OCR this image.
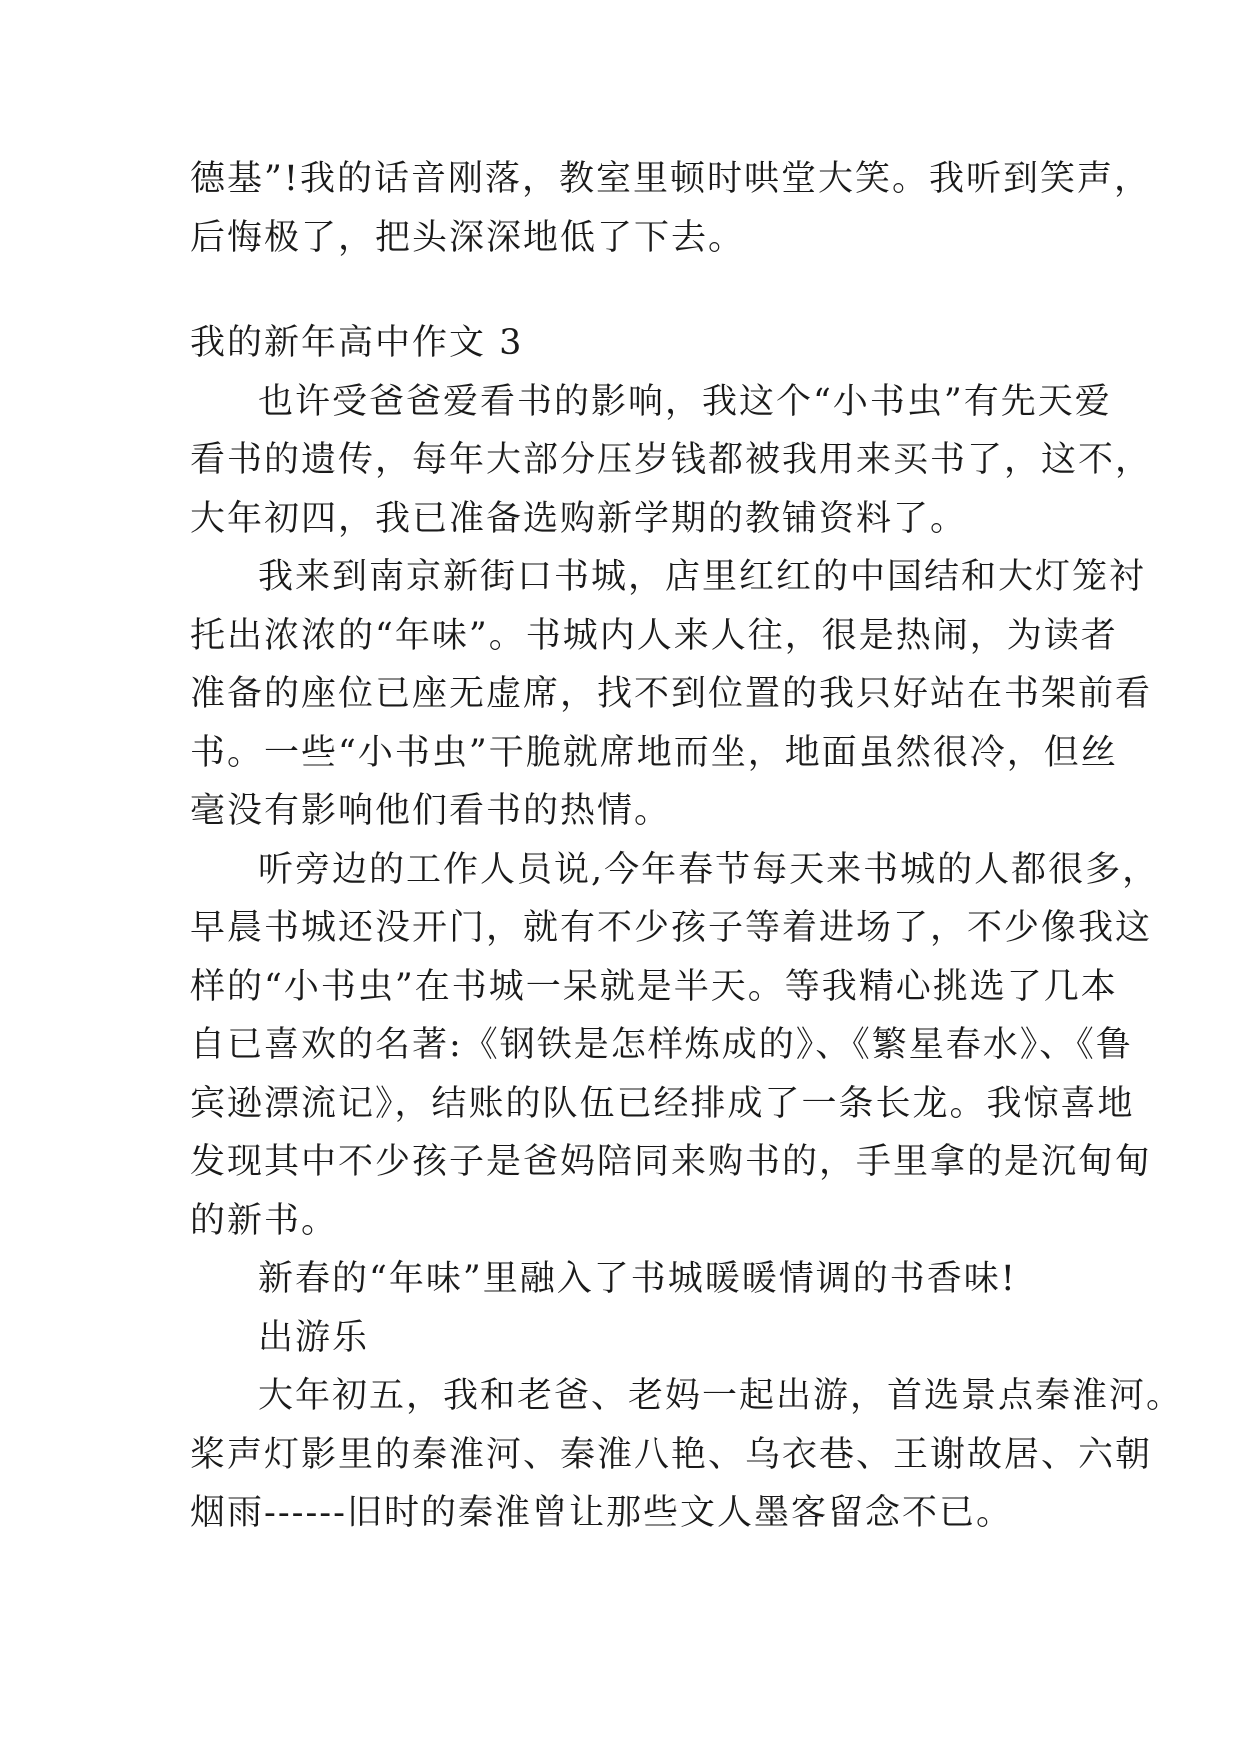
德基”!我的话音刚落，教室里顿时哄堂大笑。我听到笑声，
后悔极了，把头深深地低了下去。
我的新年高中作文 3
也许受爸爸爱看书的影响，我这个“小书虫”有先天爱
看书的遗传，每年大部分压岁钱都被我用来买书了，这不，
大年初四，我已准备选购新学期的教铺资料了。
我来到南京新街口书城，店里红红的中国结和大灯笼衬
托出浓浓的“年味”。书城内人来人往，很是热闹，为读者
准备的座位已座无虚席，找不到位置的我只好站在书架前看
书。一些“小书虫”干脆就席地而坐，地面虽然很冷，但丝
毫没有影响他们看书的热情。
听旁边的工作人员说,今年春节每天来书城的人都很多，
早晨书城还没开门，就有不少孩子等着进场了，不少像我这
样的“小书虫”在书城一呆就是半天。等我精心挑选了几本
自已喜欢的名著:《钢铁是怎样炼成的》、《繁星春水》、《鲁
宾逊漂流记》，结账的队伍已经排成了一条长龙。我惊喜地
发现其中不少孩子是爸妈陪同来购书的，手里拿的是沉甸甸
的新书。
新春的“年味”里融入了书城暖暖情调的书香味!
出游乐
大年初五，我和老爸、老妈一起出游，首选景点秦淮河。
桨声灯影里的秦淮河、秦淮八艳、乌衣巷、王谢故居、六朝
烟雨------旧时的秦淮曾让那些文人墨客留念不已。
